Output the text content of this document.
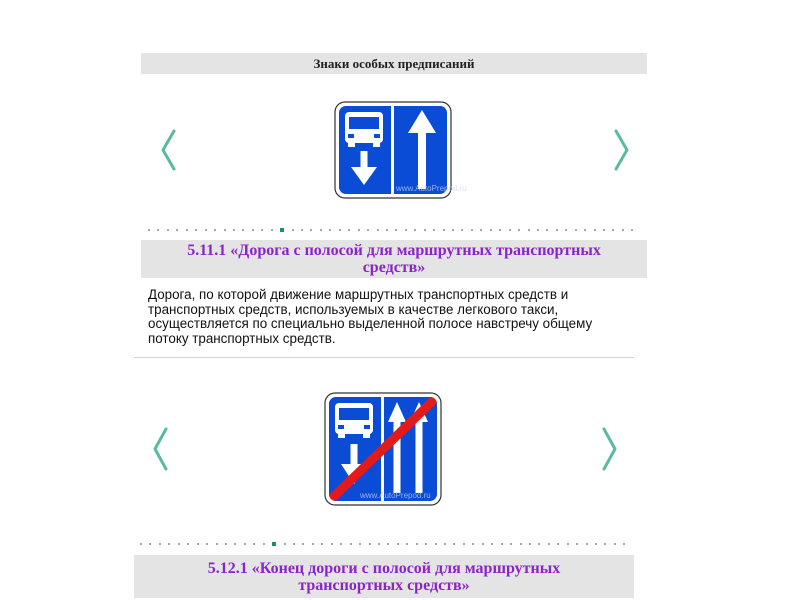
Знаки особых предписаний
www.AutoPrepod.ru
5.11.1 «Дорога с полосой для маршрутных транспортных средств»
Дорога, по которой движение маршрутных транспортных средств и транспортных средств, используемых в качестве легкового такси, осуществляется по специально выделенной полосе навстречу общему потоку транспортных средств.
www.AutoPrepod.ru
5.12.1 «Конец дороги с полосой для маршрутных транспортных средств»
